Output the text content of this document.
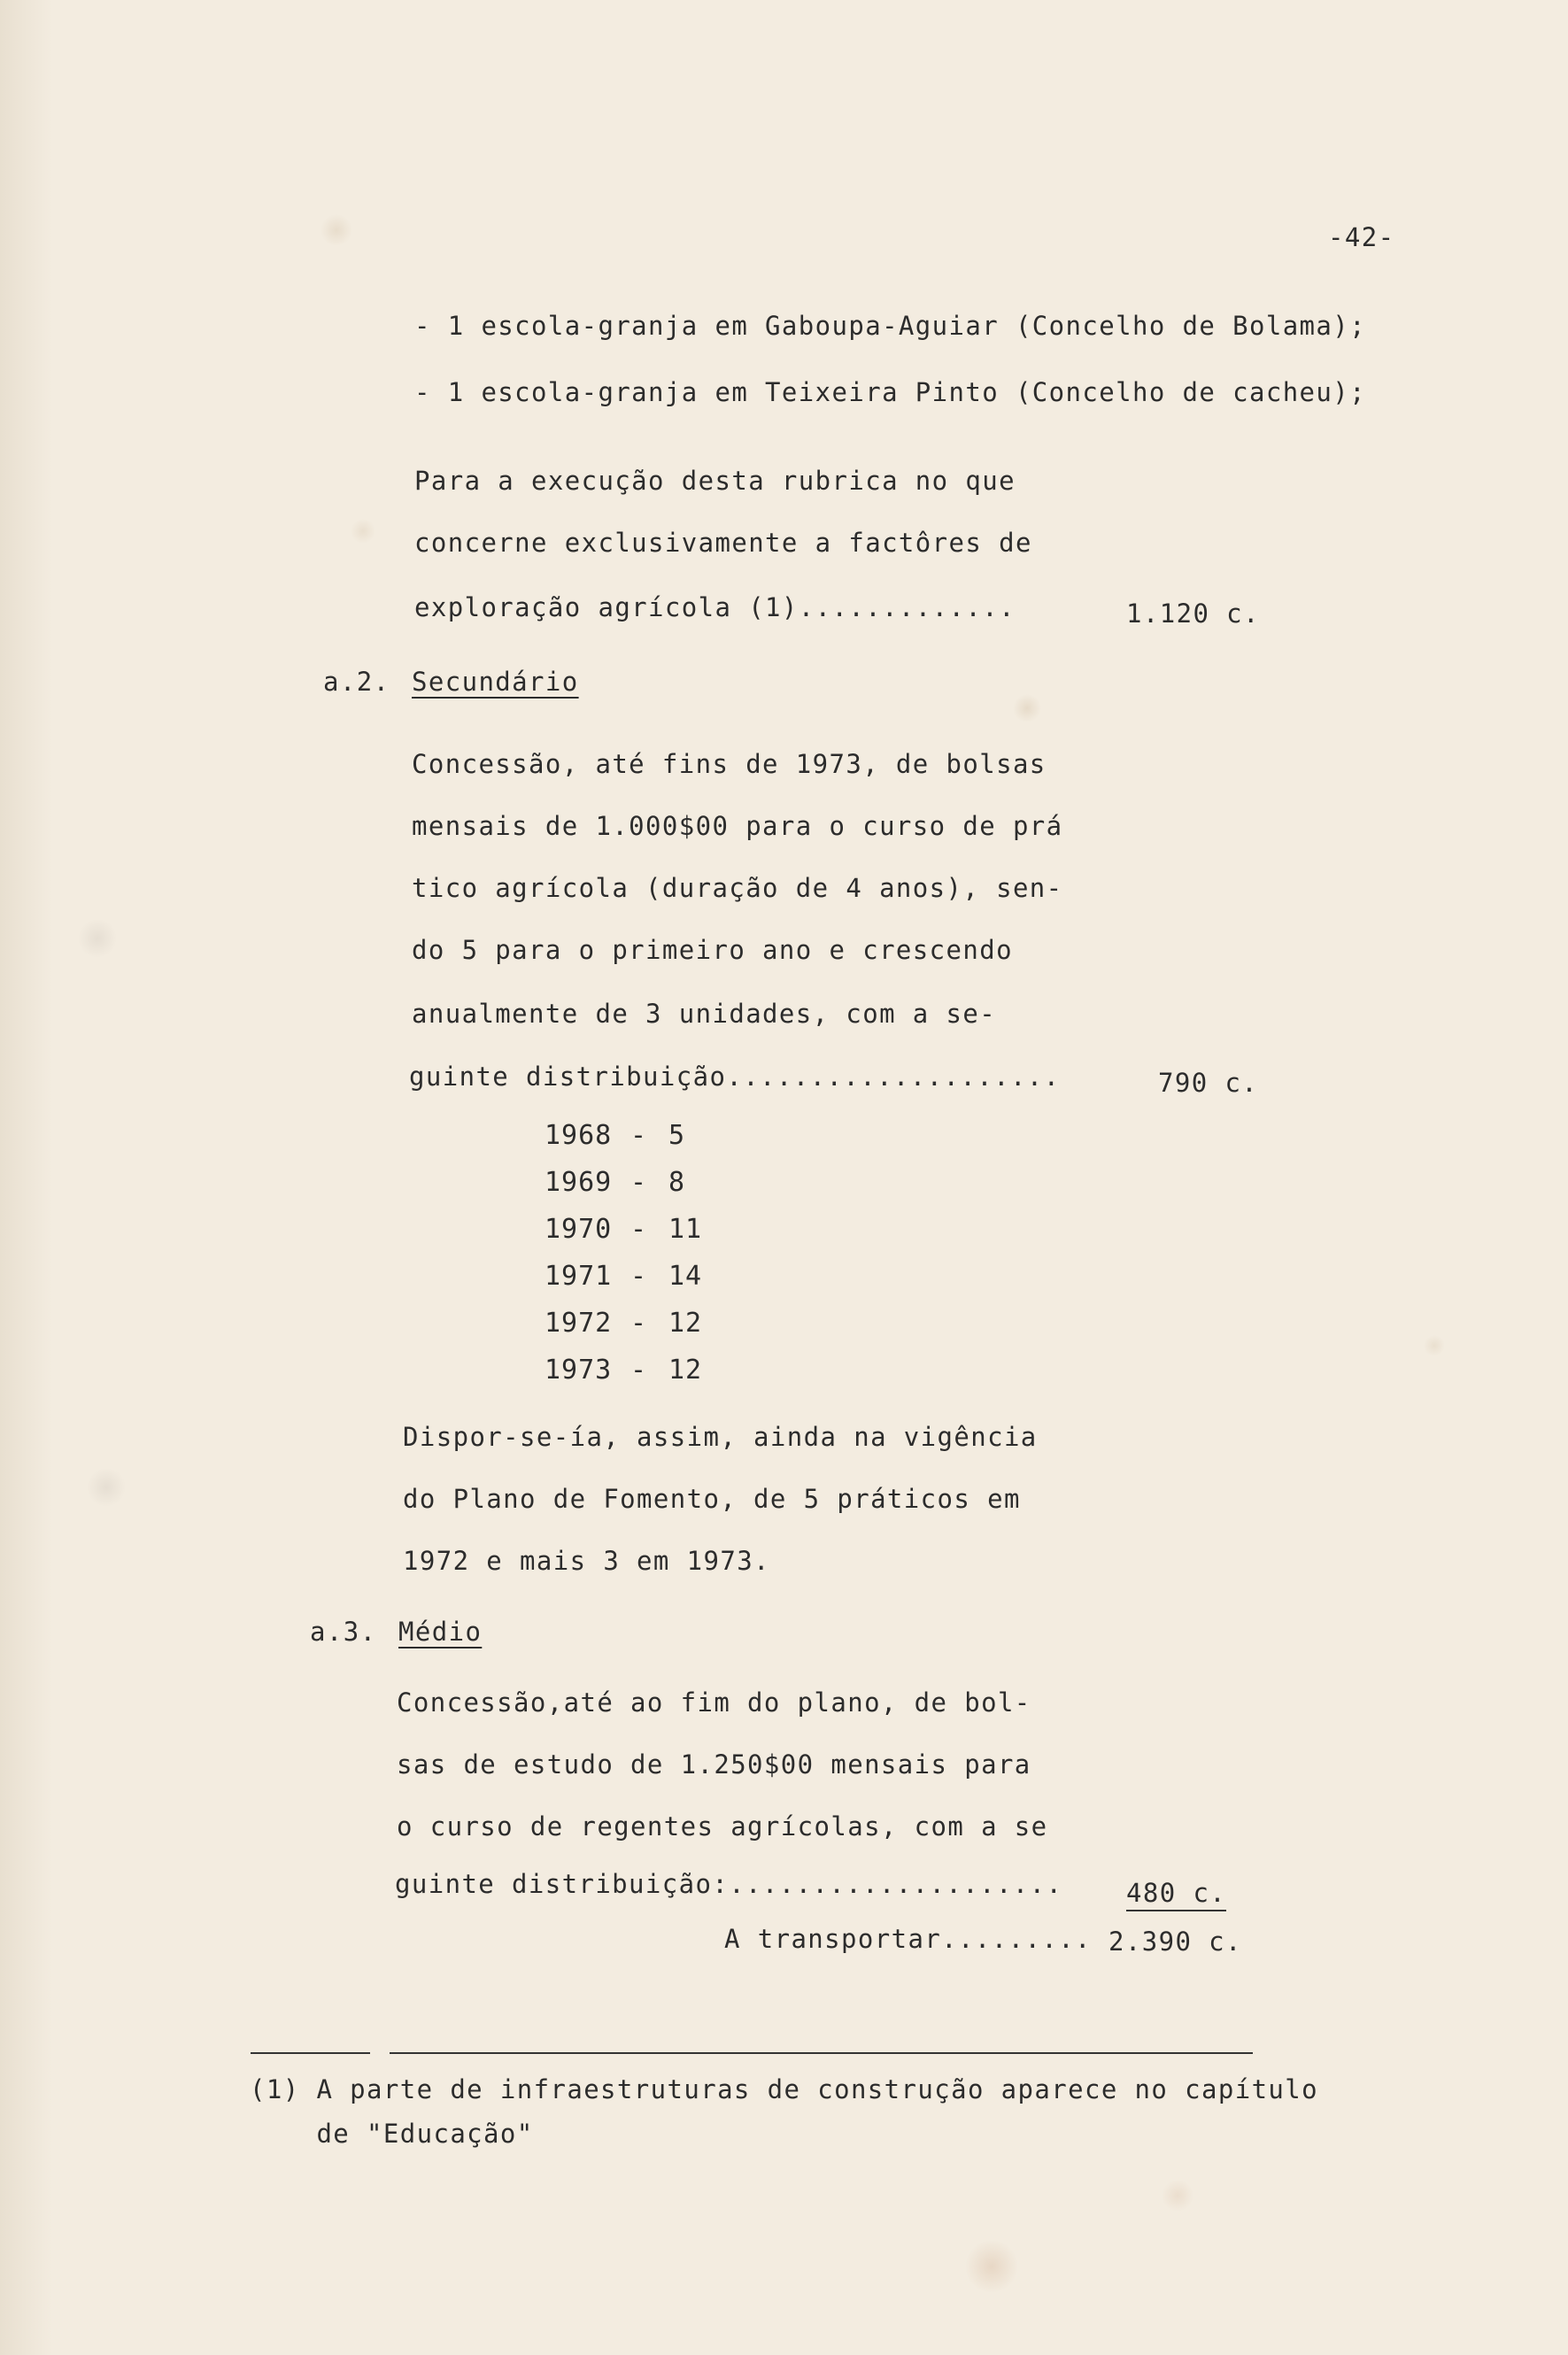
-42-
- 1 escola-granja em Gaboupa-Aguiar (Concelho de Bolama);
- 1 escola-granja em Teixeira Pinto (Concelho de cacheu);
Para a execução desta rubrica no que
concerne exclusivamente a factôres de
exploração agrícola (1).............	1.120 c.
a.2. Secundário
Concessão, até fins de 1973, de bolsas
mensais de 1.000$00 para o curso de prá
tico agrícola (duração de 4 anos), sen-
do 5 para o primeiro ano e crescendo
anualmente de 3 unidades, com a se-
guinte distribuição....................	790 c.
1968 - 5
1969 - 8
1970 - 11
1971 - 14
1972 - 12
1973 - 12
Dispor-se-ía, assim, ainda na vigência
do Plano de Fomento, de 5 práticos em
1972 e mais 3 em 1973.
a.3. Médio
Concessão,até ao fim do plano, de bol-
sas de estudo de 1.250$00 mensais para
o curso de regentes agrícolas, com a se
guinte distribuição:.................... 480 c.
A transportar......... 2.390 c.
(1) A parte de infraestruturas de construção aparece no capítulo
de "Educação"
